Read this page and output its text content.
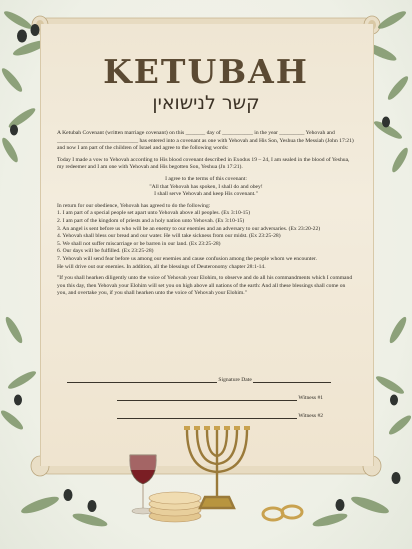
KETUBAH
קשר לנישואין

A Ketubah Covenant (written marriage covenant) on this _______ day of ___________ in the year _________ Yehovah and _____________________________ has entered into a covenant as one with Yehovah and His Son, Yeshua the Messiah (John 17:21) and now I am part of the children of Israel and agree to the following words:

Today I made a vow to Yehovah according to His blood covenant described in Exodus 19 – 24, I am sealed in the blood of Yeshua, my redeemer and I am one with Yehovah and His begotten Son, Yeshua (Jn 17:21).

I agree to the terms of this covenant:
"All that Yehovah has spoken, I shall do and obey!
I shall serve Yehovah and keep His covenant."

In return for our obedience, Yehovah has agreed to do the following:

1. I am part of a special people set apart unto Yehovah above all peoples. (Ex 3:10-15)
2. I am part of the kingdom of priests and a holy nation unto Yehovah. (Ex 3:10-15)
3. An angel is sent before us who will be an enemy to our enemies and an adversary to our adversaries. (Ex 23:20-22)
4. Yehovah shall bless our bread and our water. He will take sickness from our midst. (Ex 23:25-28)
5. We shall not suffer miscarriage or be barren in our land. (Ex 23:25-28)
6. Our days will be fulfilled. (Ex 23:25-28)
7. Yehovah will send fear before us among our enemies and cause confusion among the people whom we encounter.
He will drive out our enemies. In addition, all the blessings of Deuteronomy chapter 28:1-14.

"If you shall hearken diligently unto the voice of Yehovah your Elohim, to observe and do all his commandments which I command you this day, then Yehovah your Elohim will set you on high above all nations of the earth: And all these blessings shall come on you, and overtake you, if you shall hearken unto the voice of Yehovah your Elohim."

Signature Date
Witness #1
Witness #2
